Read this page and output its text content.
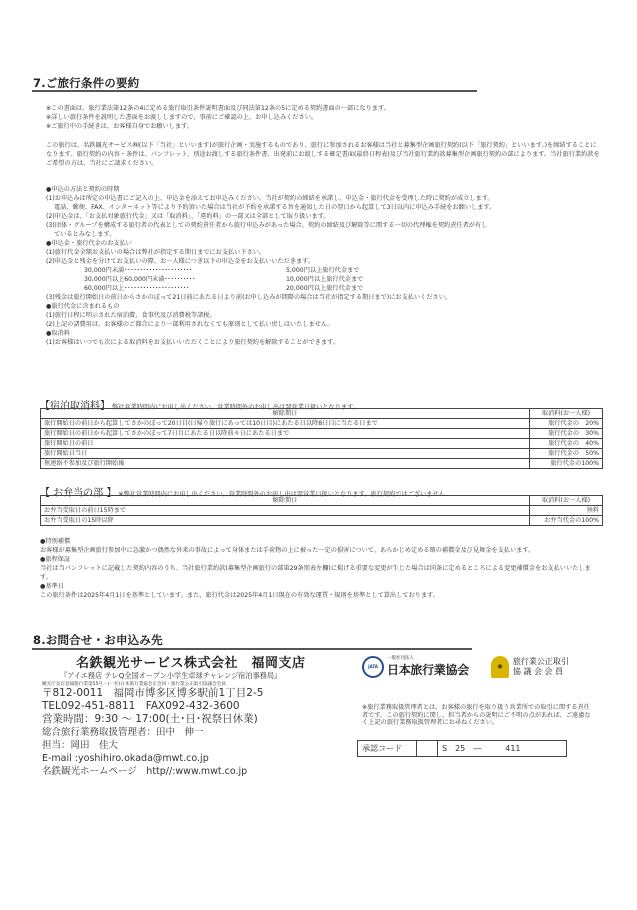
7.ご旅行条件の要約
※この書面は、旅行業法第12条の4に定める旅行取引条件説明書面及び同法第12条の5に定める契約書面の一部になります。
※詳しい旅行条件を説明した書面をお渡ししますので、事前にご確認の上、お申し込みください。
※ご旅行中の手続きは、お客様自身でお願いします。
この旅行は、名鉄観光サービス㈱(以下「当社」といいます)が旅行企画・実施するものであり、旅行に参加されるお客様は当社と募集型企画旅行契約(以下「旅行契約」といいます。)を締結することになります。旅行契約の内容・条件は、パンフレット、別途お渡しする旅行条件書、出発前にお渡しする確定書面(最終日程表)及び当社旅行業約款募集型企画旅行契約の部によります。当社旅行業約款をご希望の方は、当社にご請求ください。
●申込の方法と契約の時期
(1)お申込みは所定の申込書にご記入の上、申込金を添えてお申込みください。当社が契約の締結を承諾し、申込金・旅行代金を受理した時に契約が成立します。
電話、郵便、FAX、インターネット等により予約頂いた場合は当社が予約を承諾する旨を通知した日の翌日から起算して3日以内に申込み手続をお願いします。
(2)申込金は、「お支払対象旅行代金」又は「取消料」、「違約料」の一部又は全部として取り扱います。
(3)団体・グループを構成する旅行者の代表としての契約責任者から旅行申込みがあった場合、契約の締結及び解除等に関する一切の代理権を契約責任者が有し
ているとみなします。
●申込金・旅行代金のお支払い
(1)旅行代金全額お支払いの場合は弊社が指定する期日までにお支払い下さい。
(2)申込金と残金を分けてお支払いの際、お一人様につき以下の申込金をお支払いいただきます。
30,000円未満･･････････････････････	5,000円以上旅行代金まで
30,000円以上60,000円未満･･････････	10,000円以上旅行代金まで
60,000円以上･････････････････････	20,000円以上旅行代金まで
(3)残金は旅行開始日の前日からさかのぼって21日前にあたる日より前(お申し込みが間際の場合は当社が指定する期日まで)にお支払いください。
●旅行代金に含まれるもの
(1)旅行日程に明示された宿泊費、食事代及び消費税等諸税。
(2)上記の諸費用は、お客様のご都合により一部利用されなくても原則として払い戻しはいたしません。
●取消料
(1)お客様はいつでも次による取消料をお支払いいただくことにより旅行契約を解除することができます。
【宿泊取消料】 弊社営業時間内にお申し出ください。営業時間外のお申し出は翌営業日扱いとなります。
解除期日	取消料(お一人様)
旅行開始日の前日から起算してさかのぼって20日目(日帰り旅行にあっては10日目)にあたる日以降8日目に当たる日まで	旅行代金の　20%
旅行開始日の前日から起算してさかのぼって7日目にあたる日以降前々日にあたる日まで	旅行代金の　30%
旅行開始日の前日	旅行代金の　40%
旅行開始日当日	旅行代金の　50%
無連絡不参加及び旅行開始後	旅行代金の100%
【 お弁当の部 】 ※弊社営業時間内にお申し出ください。営業時間外のお申し出は翌営業日扱いとなります。旅行契約ではございません
解除期日	取消料(お一人様)
お弁当受取日の前日15時まで	無料
お弁当受取日の15時以降	お弁当代金の100%
●特別補償
お客様が募集型企画旅行参加中に急激かつ偶然な外来の事故によって身体または手荷物の上に被った一定の損害について、あらかじめ定める額の補償金及び見舞金を支払います。
●旅程保証
当社は当パンフレットに記載した契約内容のうち、当社旅行業約款(募集型企画旅行の部第29条別表左欄)に掲げる重要な変更が生じた場合は同条に定めるところによる変更補償金をお支払いいたします。
●基準日
この旅行条件は2025年4月1日を基準としています。また、旅行代金は2025年4月1日現在の有効な運賃・規則を基準として算出しております。
8.お問合せ・お申込み先
名鉄観光サービス株式会社　福岡支店
『アイエ務店 テレQ全国オープン小学生卓球チャレンジ宿泊事務局』
観光庁長官登録旅行業第55号・(一社)日本旅行業協会正会員・旅行業公正取引協議会会員
〒812-0011　福岡市博多区博多駅前1丁目2-5
TEL092-451-8811　FAX092-432-3600
営業時間：9:30 ～ 17:00(土･日･祝祭日休業)
総合旅行業務取扱管理者：田中　伸一
担当：岡田　佳大
E-mail :yoshihiro.okada@mwt.co.jp
名鉄観光ホームページ　http//:www.mwt.co.jp
JATA
一般社団法人
日本旅行業協会	◉
旅行業公正取引
協 議 会 会 員
※旅行業務取扱管理者とは、お客様の旅行を取り扱う営業所での取引に関する責任者です。この旅行契約に関し、担当者からの説明にご不明の点があれば、ご遠慮なく上記の旅行業務取扱管理者にお尋ねください。
承認コード	S　25　―　　　411
